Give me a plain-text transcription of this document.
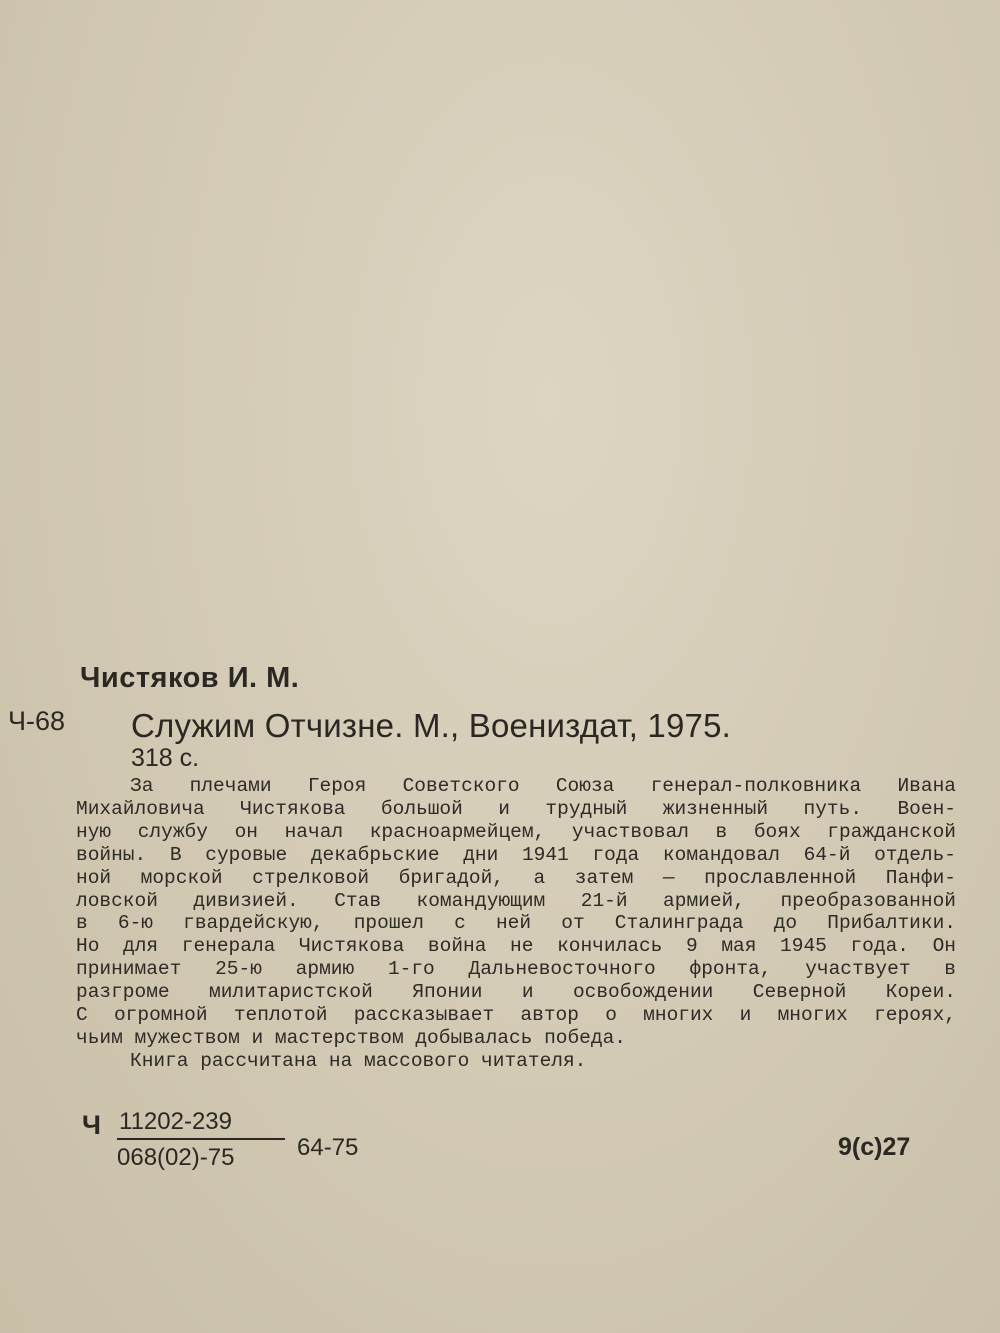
Чистяков И. М.
Ч-68 Служим Отчизне. М., Воениздат, 1975.
318 с.
За плечами Героя Советского Союза генерал-полковника Ивана
Михайловича Чистякова большой и трудный жизненный путь. Воен-
ную службу он начал красноармейцем, участвовал в боях гражданской
войны. В суровые декабрьские дни 1941 года командовал 64-й отдель-
ной морской стрелковой бригадой, а затем — прославленной Панфи-
ловской дивизией. Став командующим 21-й армией, преобразованной
в 6-ю гвардейскую, прошел с ней от Сталинграда до Прибалтики.
Но для генерала Чистякова война не кончилась 9 мая 1945 года. Он
принимает 25-ю армию 1-го Дальневосточного фронта, участвует в
разгроме милитаристской Японии и освобождении Северной Кореи.
С огромной теплотой рассказывает автор о многих и многих героях,
чьим мужеством и мастерством добывалась победа.
Книга рассчитана на массового читателя.
Ч $\frac{11202-239}{068(02)-75} 64-75$	9(с)27
